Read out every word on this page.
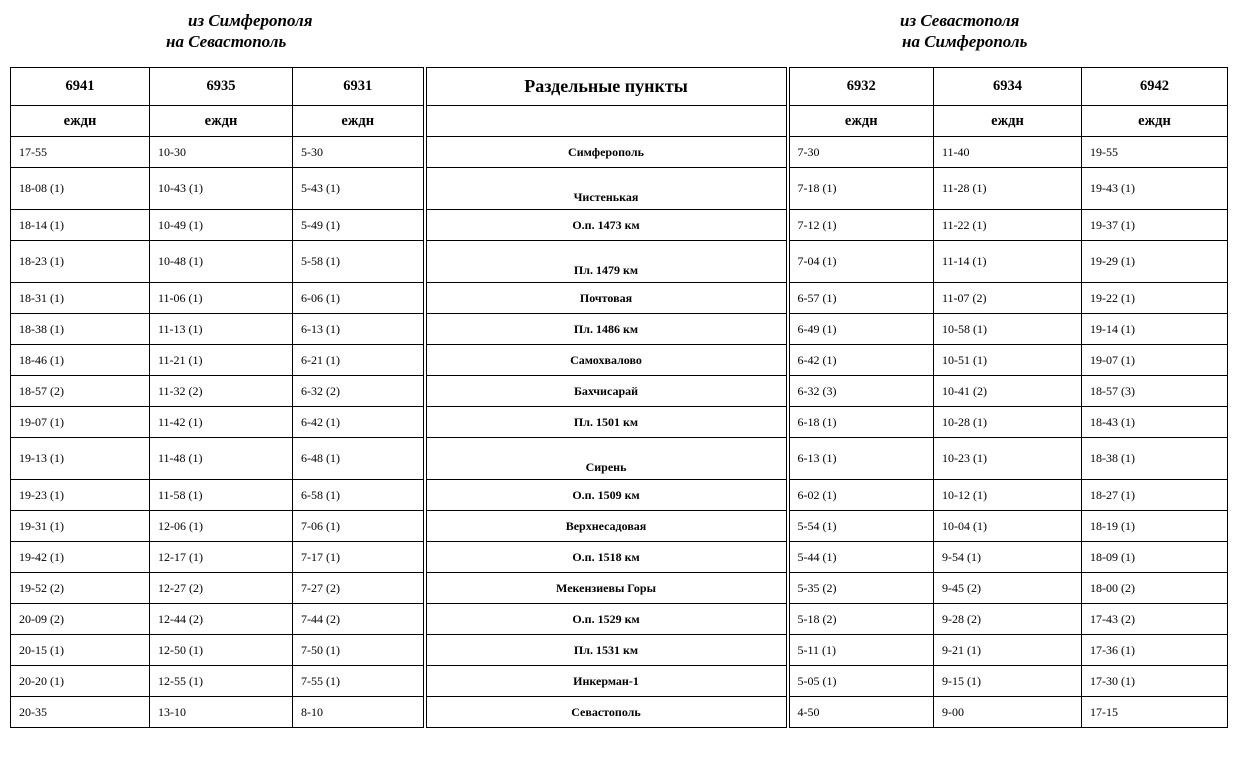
из Симферополя
на Севастополь
из Севастополя
на Симферополь
6941	6935	6931	Раздельные пункты	6932	6934	6942
еждн	еждн	еждн		еждн	еждн	еждн
17-55	10-30	5-30	Симферополь	7-30	11-40	19-55
18-08 (1)	10-43 (1)	5-43 (1)	Чистенькая	7-18 (1)	11-28 (1)	19-43 (1)
18-14 (1)	10-49 (1)	5-49 (1)	О.п. 1473 км	7-12 (1)	11-22 (1)	19-37 (1)
18-23 (1)	10-48 (1)	5-58 (1)	Пл. 1479 км	7-04 (1)	11-14 (1)	19-29 (1)
18-31 (1)	11-06 (1)	6-06 (1)	Почтовая	6-57 (1)	11-07 (2)	19-22 (1)
18-38 (1)	11-13 (1)	6-13 (1)	Пл. 1486 км	6-49 (1)	10-58 (1)	19-14 (1)
18-46 (1)	11-21 (1)	6-21 (1)	Самохвалово	6-42 (1)	10-51 (1)	19-07 (1)
18-57 (2)	11-32 (2)	6-32 (2)	Бахчисарай	6-32 (3)	10-41 (2)	18-57 (3)
19-07 (1)	11-42 (1)	6-42 (1)	Пл. 1501 км	6-18 (1)	10-28 (1)	18-43 (1)
19-13 (1)	11-48 (1)	6-48 (1)	Сирень	6-13 (1)	10-23 (1)	18-38 (1)
19-23 (1)	11-58 (1)	6-58 (1)	О.п. 1509 км	6-02 (1)	10-12 (1)	18-27 (1)
19-31 (1)	12-06 (1)	7-06 (1)	Верхнесадовая	5-54 (1)	10-04 (1)	18-19 (1)
19-42 (1)	12-17 (1)	7-17 (1)	О.п. 1518 км	5-44 (1)	9-54 (1)	18-09 (1)
19-52 (2)	12-27 (2)	7-27 (2)	Мекензиевы Горы	5-35 (2)	9-45 (2)	18-00 (2)
20-09 (2)	12-44 (2)	7-44 (2)	О.п. 1529 км	5-18 (2)	9-28 (2)	17-43 (2)
20-15 (1)	12-50 (1)	7-50 (1)	Пл. 1531 км	5-11 (1)	9-21 (1)	17-36 (1)
20-20 (1)	12-55 (1)	7-55 (1)	Инкерман-1	5-05 (1)	9-15 (1)	17-30 (1)
20-35	13-10	8-10	Севастополь	4-50	9-00	17-15
